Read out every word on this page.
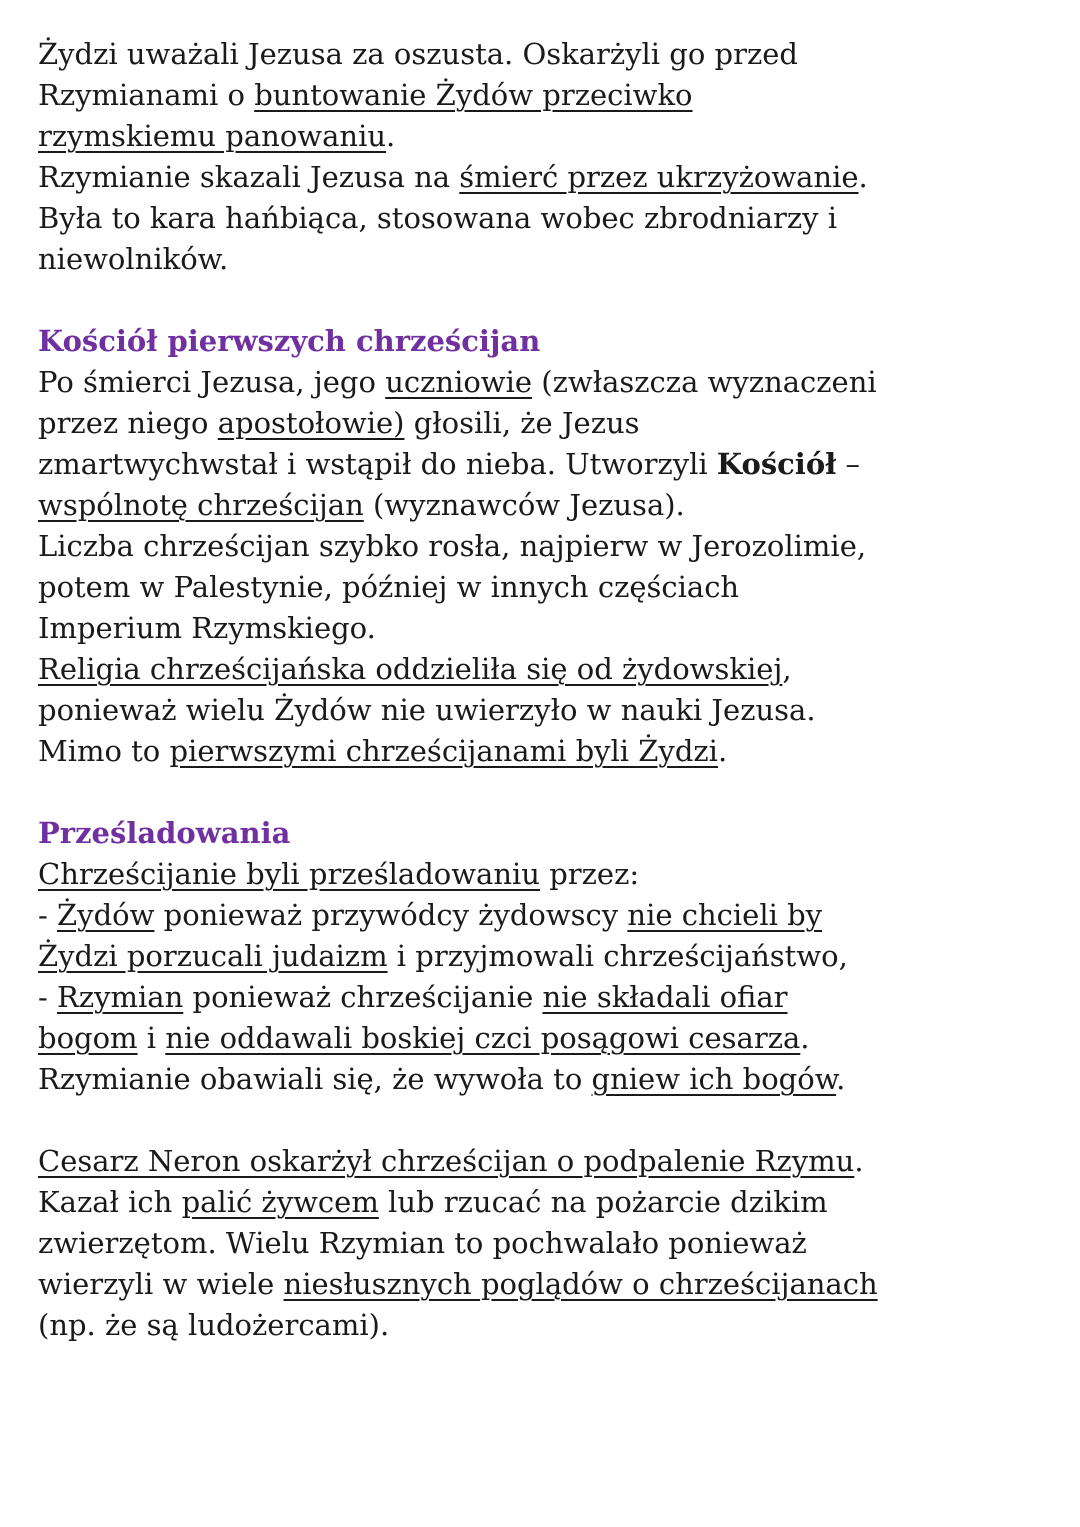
Żydzi uważali Jezusa za oszusta. Oskarżyli go przed
Rzymianami o buntowanie Żydów przeciwko
rzymskiemu panowaniu.
Rzymianie skazali Jezusa na śmierć przez ukrzyżowanie.
Była to kara hańbiąca, stosowana wobec zbrodniarzy i
niewolników.
Kościół pierwszych chrześcijan
Po śmierci Jezusa, jego uczniowie (zwłaszcza wyznaczeni
przez niego apostołowie) głosili, że Jezus
zmartwychwstał i wstąpił do nieba. Utworzyli Kościół –
wspólnotę chrześcijan (wyznawców Jezusa).
Liczba chrześcijan szybko rosła, najpierw w Jerozolimie,
potem w Palestynie, później w innych częściach
Imperium Rzymskiego.
Religia chrześcijańska oddzieliła się od żydowskiej,
ponieważ wielu Żydów nie uwierzyło w nauki Jezusa.
Mimo to pierwszymi chrześcijanami byli Żydzi.
Prześladowania
Chrześcijanie byli prześladowaniu przez:
- Żydów ponieważ przywódcy żydowscy nie chcieli by
Żydzi porzucali judaizm i przyjmowali chrześcijaństwo,
- Rzymian ponieważ chrześcijanie nie składali ofiar
bogom i nie oddawali boskiej czci posągowi cesarza.
Rzymianie obawiali się, że wywoła to gniew ich bogów.
Cesarz Neron oskarżył chrześcijan o podpalenie Rzymu.
Kazał ich palić żywcem lub rzucać na pożarcie dzikim
zwierzętom. Wielu Rzymian to pochwalało ponieważ
wierzyli w wiele niesłusznych poglądów o chrześcijanach
(np. że są ludożercami).
